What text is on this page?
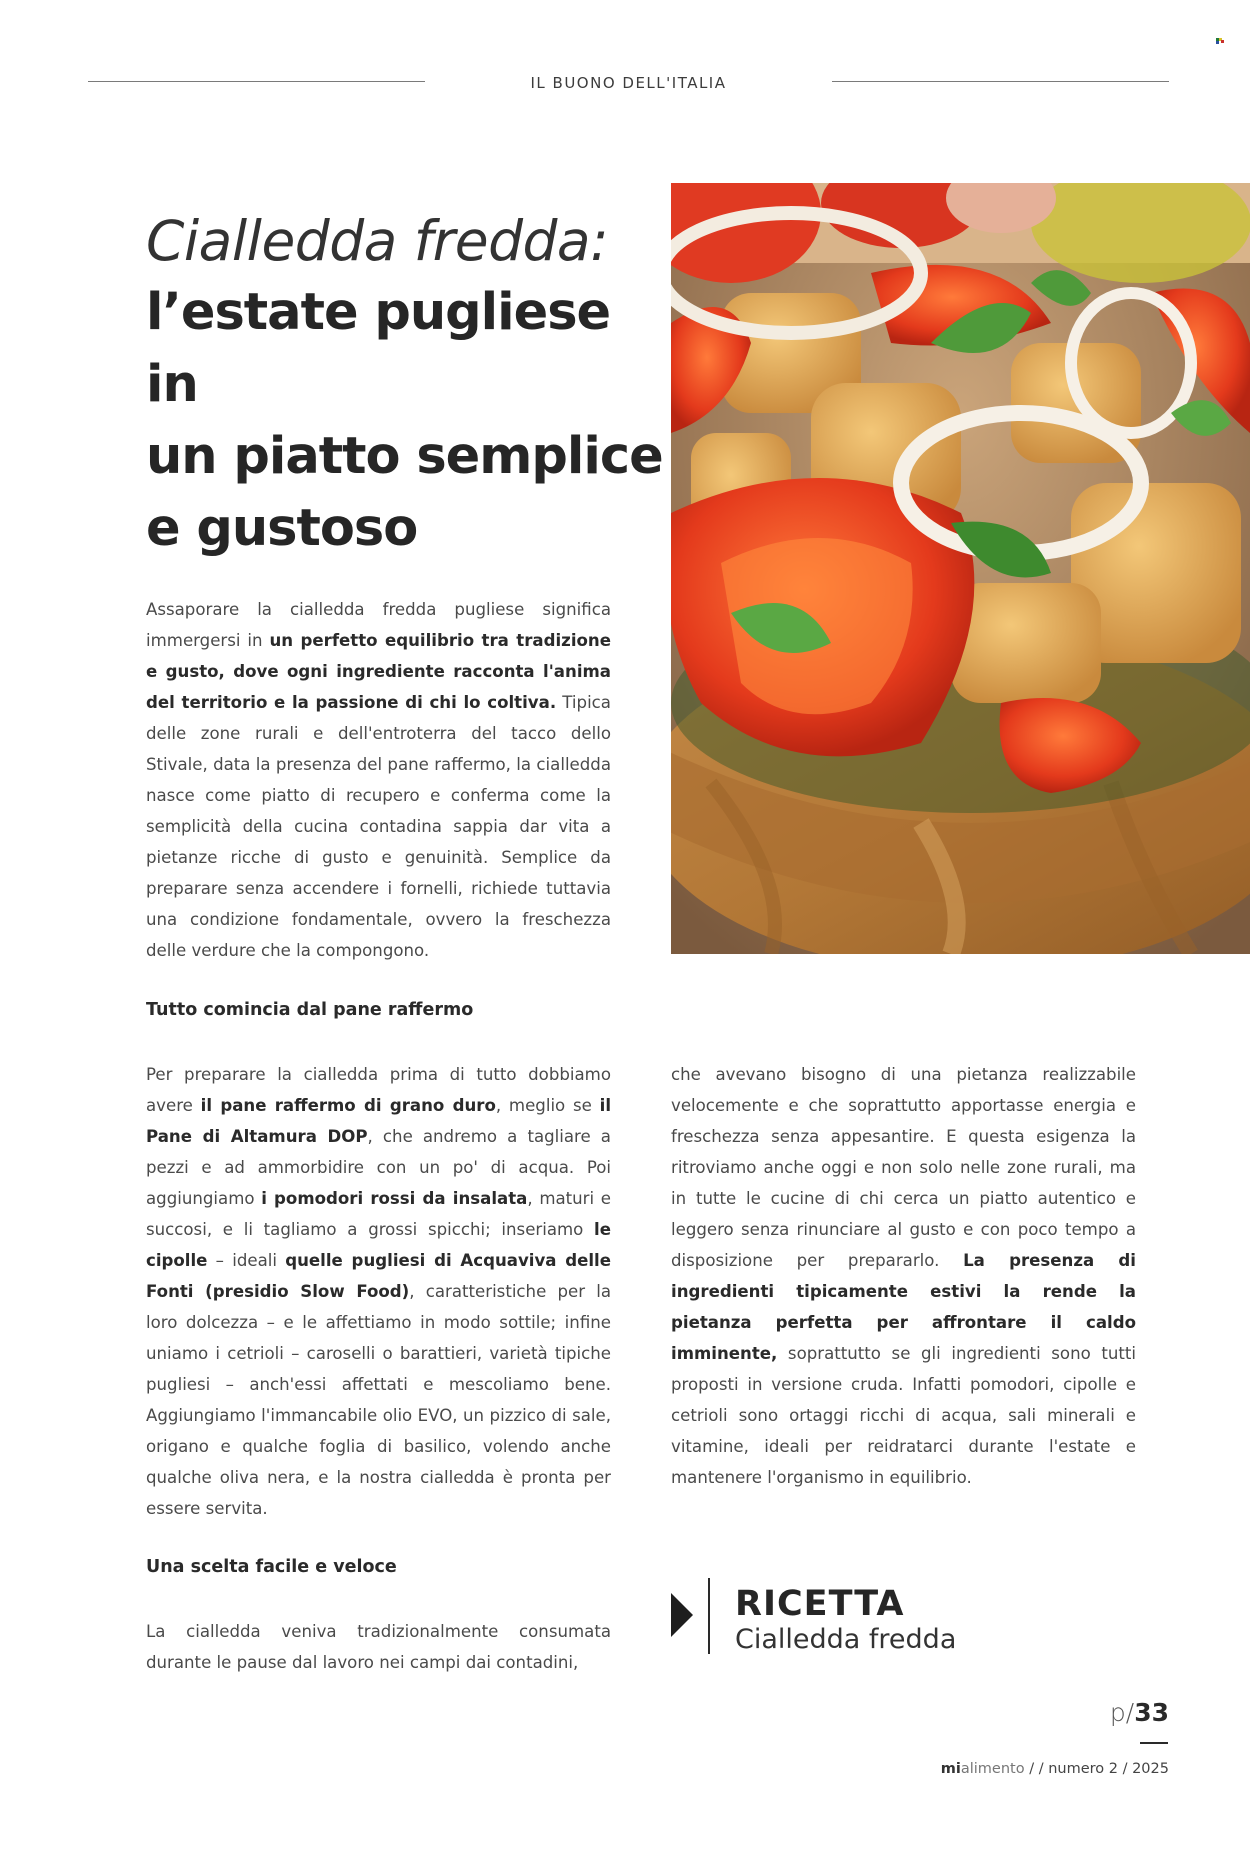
IL BUONO DELL'ITALIA
Cialledda fredda:
l’estate pugliese in
un piatto semplice
e gustoso

Assaporare la cialledda fredda pugliese significa immergersi in un perfetto equilibrio tra tradizione e gusto, dove ogni ingrediente racconta l'anima del territorio e la passione di chi lo coltiva. Tipica delle zone rurali e dell'entroterra del tacco dello Stivale, data la presenza del pane raffermo, la cialledda nasce come piatto di recupero e conferma come la semplicità della cucina contadina sappia dar vita a pietanze ricche di gusto e genuinità. Semplice da preparare senza accendere i fornelli, richiede tuttavia una condizione fondamentale, ovvero la freschezza delle verdure che la compongono.

Tutto comincia dal pane raffermo

Per preparare la cialledda prima di tutto dobbiamo avere il pane raffermo di grano duro, meglio se il Pane di Altamura DOP, che andremo a tagliare a pezzi e ad ammorbidire con un po' di acqua. Poi aggiungiamo i pomodori rossi da insalata, maturi e succosi, e li tagliamo a grossi spicchi; inseriamo le cipolle – ideali quelle pugliesi di Acquaviva delle Fonti (presidio Slow Food), caratteristiche per la loro dolcezza – e le affettiamo in modo sottile; infine uniamo i cetrioli – caroselli o barattieri, varietà tipiche pugliesi – anch'essi affettati e mescoliamo bene. Aggiungiamo l'immancabile olio EVO, un pizzico di sale, origano e qualche foglia di basilico, volendo anche qualche oliva nera, e la nostra cialledda è pronta per essere servita.

Una scelta facile e veloce

La cialledda veniva tradizionalmente consumata durante le pause dal lavoro nei campi dai contadini,

che avevano bisogno di una pietanza realizzabile velocemente e che soprattutto apportasse energia e freschezza senza appesantire. E questa esigenza la ritroviamo anche oggi e non solo nelle zone rurali, ma in tutte le cucine di chi cerca un piatto autentico e leggero senza rinunciare al gusto e con poco tempo a disposizione per prepararlo. La presenza di ingredienti tipicamente estivi la rende la pietanza perfetta per affrontare il caldo imminente, soprattutto se gli ingredienti sono tutti proposti in versione cruda. Infatti pomodori, cipolle e cetrioli sono ortaggi ricchi di acqua, sali minerali e vitamine, ideali per reidratarci durante l'estate e mantenere l'organismo in equilibrio.

RICETTA
Cialledda fredda
p/33
mialimento / / numero 2 / 2025
